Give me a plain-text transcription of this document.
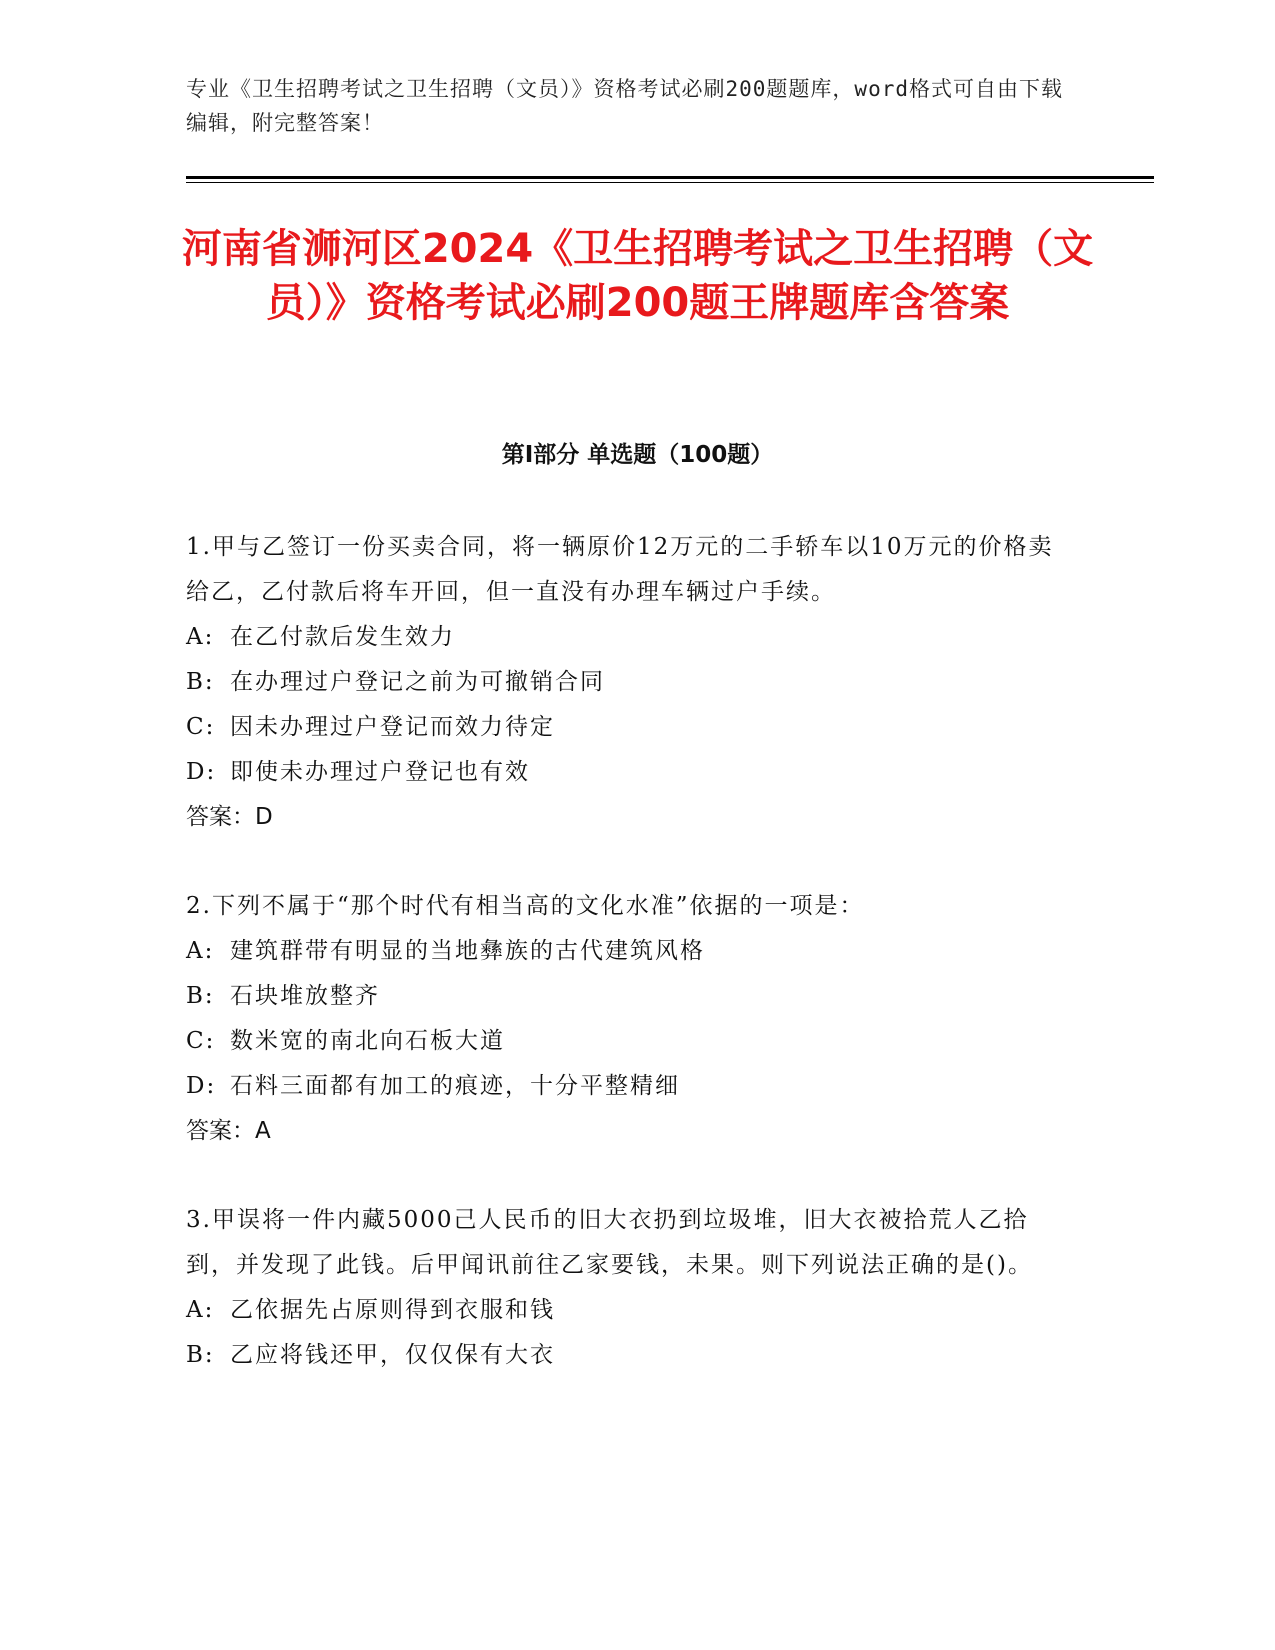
专业《卫生招聘考试之卫生招聘（文员）》资格考试必刷200题题库，word格式可自由下载编辑，附完整答案！
河南省浉河区2024《卫生招聘考试之卫生招聘（文员）》资格考试必刷200题王牌题库含答案
第I部分 单选题（100题）
1.甲与乙签订一份买卖合同，将一辆原价12万元的二手轿车以10万元的价格卖给乙，乙付款后将车开回，但一直没有办理车辆过户手续。
A: 在乙付款后发生效力
B: 在办理过户登记之前为可撤销合同
C: 因未办理过户登记而效力待定
D: 即使未办理过户登记也有效
答案：D
2.下列不属于“那个时代有相当高的文化水准”依据的一项是：
A: 建筑群带有明显的当地彝族的古代建筑风格
B: 石块堆放整齐
C: 数米宽的南北向石板大道
D: 石料三面都有加工的痕迹，十分平整精细
答案：A
3.甲误将一件内藏5000己人民币的旧大衣扔到垃圾堆，旧大衣被拾荒人乙拾到，并发现了此钱。后甲闻讯前往乙家要钱，未果。则下列说法正确的是()。
A: 乙依据先占原则得到衣服和钱
B: 乙应将钱还甲，仅仅保有大衣
